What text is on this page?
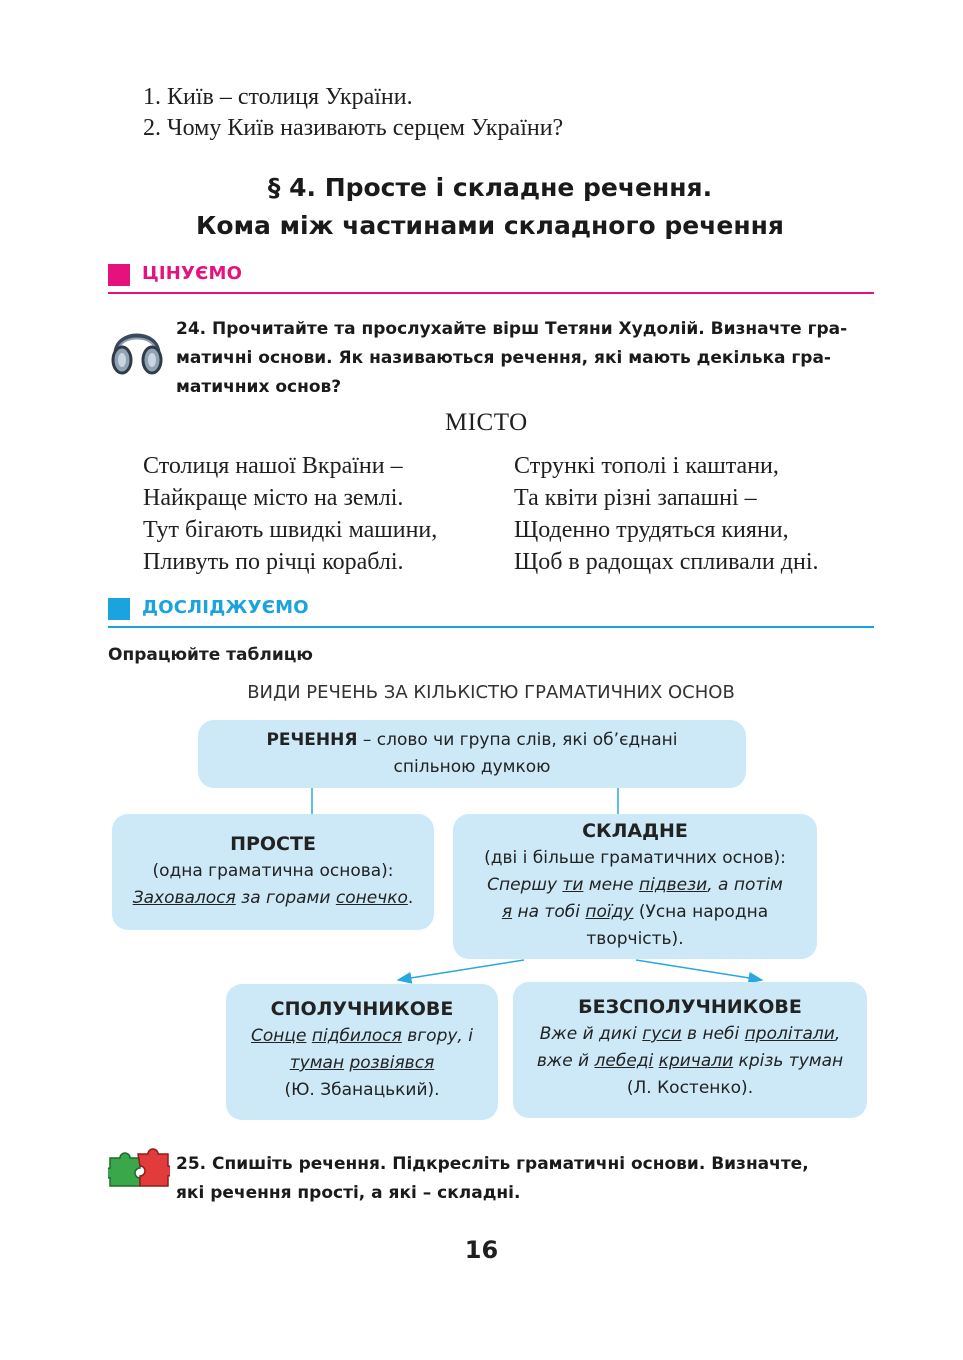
1. Київ – столиця України.
2. Чому Київ називають серцем України?
§ 4. Просте і складне речення.
Кома між частинами складного речення
ЦІНУЄМО
24. Прочитайте та прослухайте вірш Тетяни Худолій. Визначте гра-
матичні основи. Як називаються речення, які мають декілька гра-
матичних основ?
МІСТО
Столиця нашої Вкраїни –
Найкраще місто на землі.
Тут бігають швидкі машини,
Пливуть по річці кораблі.
Стрункі тополі і каштани,
Та квіти різні запашні –
Щоденно трудяться кияни,
Щоб в радощах спливали дні.
ДОСЛІДЖУЄМО
Опрацюйте таблицю
ВИДИ РЕЧЕНЬ ЗА КІЛЬКІСТЮ ГРАМАТИЧНИХ ОСНОВ
РЕЧЕННЯ – слово чи група слів, які об’єднані
спільною думкою
ПРОСТЕ
(одна граматична основа):
Заховалося за горами сонечко.
СКЛАДНЕ
(дві і більше граматичних основ):
Спершу ти мене підвези, а потім
я на тобі поїду (Усна народна
творчість).
СПОЛУЧНИКОВЕ
Сонце підбилося вгору, і
туман розвіявся
(Ю. Збанацький).
БЕЗСПОЛУЧНИКОВЕ
Вже й дикі гуси в небі пролітали,
вже й лебеді кричали крізь туман
(Л. Костенко).
25. Спишіть речення. Підкресліть граматичні основи. Визначте,
які речення прості, а які – складні.
16
